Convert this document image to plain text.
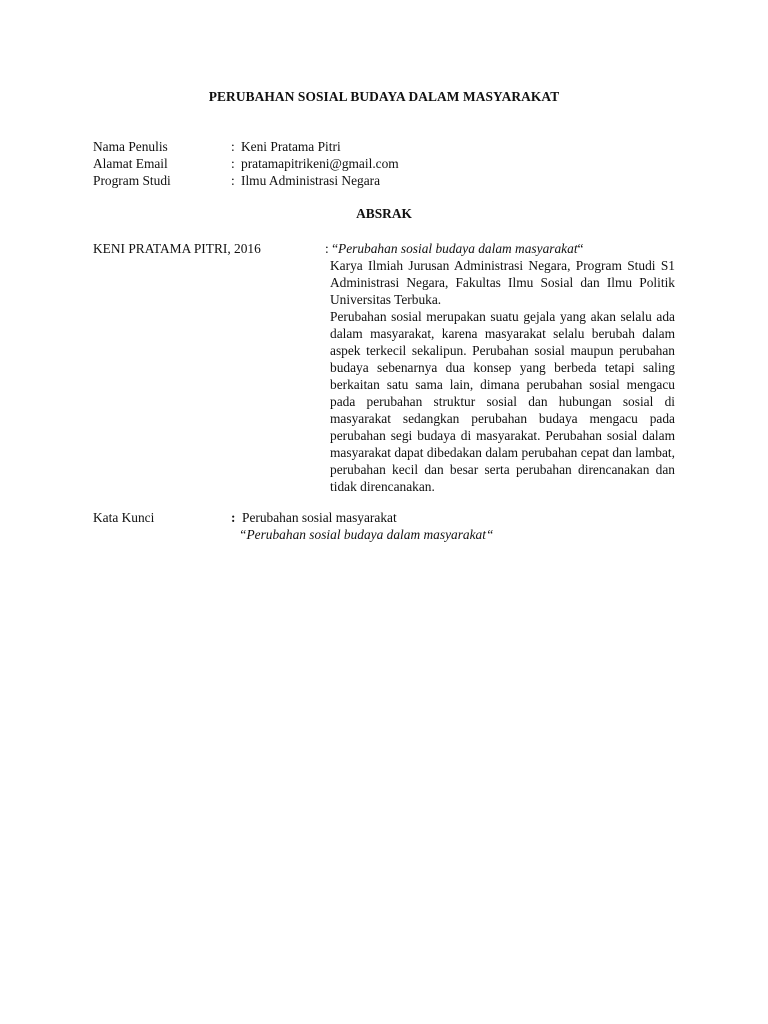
PERUBAHAN SOSIAL BUDAYA DALAM MASYARAKAT
Nama Penulis	: Keni Pratama Pitri
Alamat Email	: pratamapitrikeni@gmail.com
Program Studi	: Ilmu Administrasi Negara
ABSRAK
KENI PRATAMA PITRI, 2016	: “Perubahan sosial budaya dalam masyarakat“

Karya Ilmiah Jurusan Administrasi Negara, Program Studi S1 Administrasi Negara, Fakultas Ilmu Sosial dan Ilmu Politik Universitas Terbuka.

Perubahan sosial merupakan suatu gejala yang akan selalu ada dalam masyarakat, karena masyarakat selalu berubah dalam aspek terkecil sekalipun. Perubahan sosial maupun perubahan budaya sebenarnya dua konsep yang berbeda tetapi saling berkaitan satu sama lain, dimana perubahan sosial mengacu pada perubahan struktur sosial dan hubungan sosial di masyarakat sedangkan perubahan budaya mengacu pada perubahan segi budaya di masyarakat. Perubahan sosial dalam masyarakat dapat dibedakan dalam perubahan cepat dan lambat, perubahan kecil dan besar serta perubahan direncanakan dan tidak direncanakan.

Kata Kunci	: Perubahan sosial masyarakat
“Perubahan sosial budaya dalam masyarakat“
